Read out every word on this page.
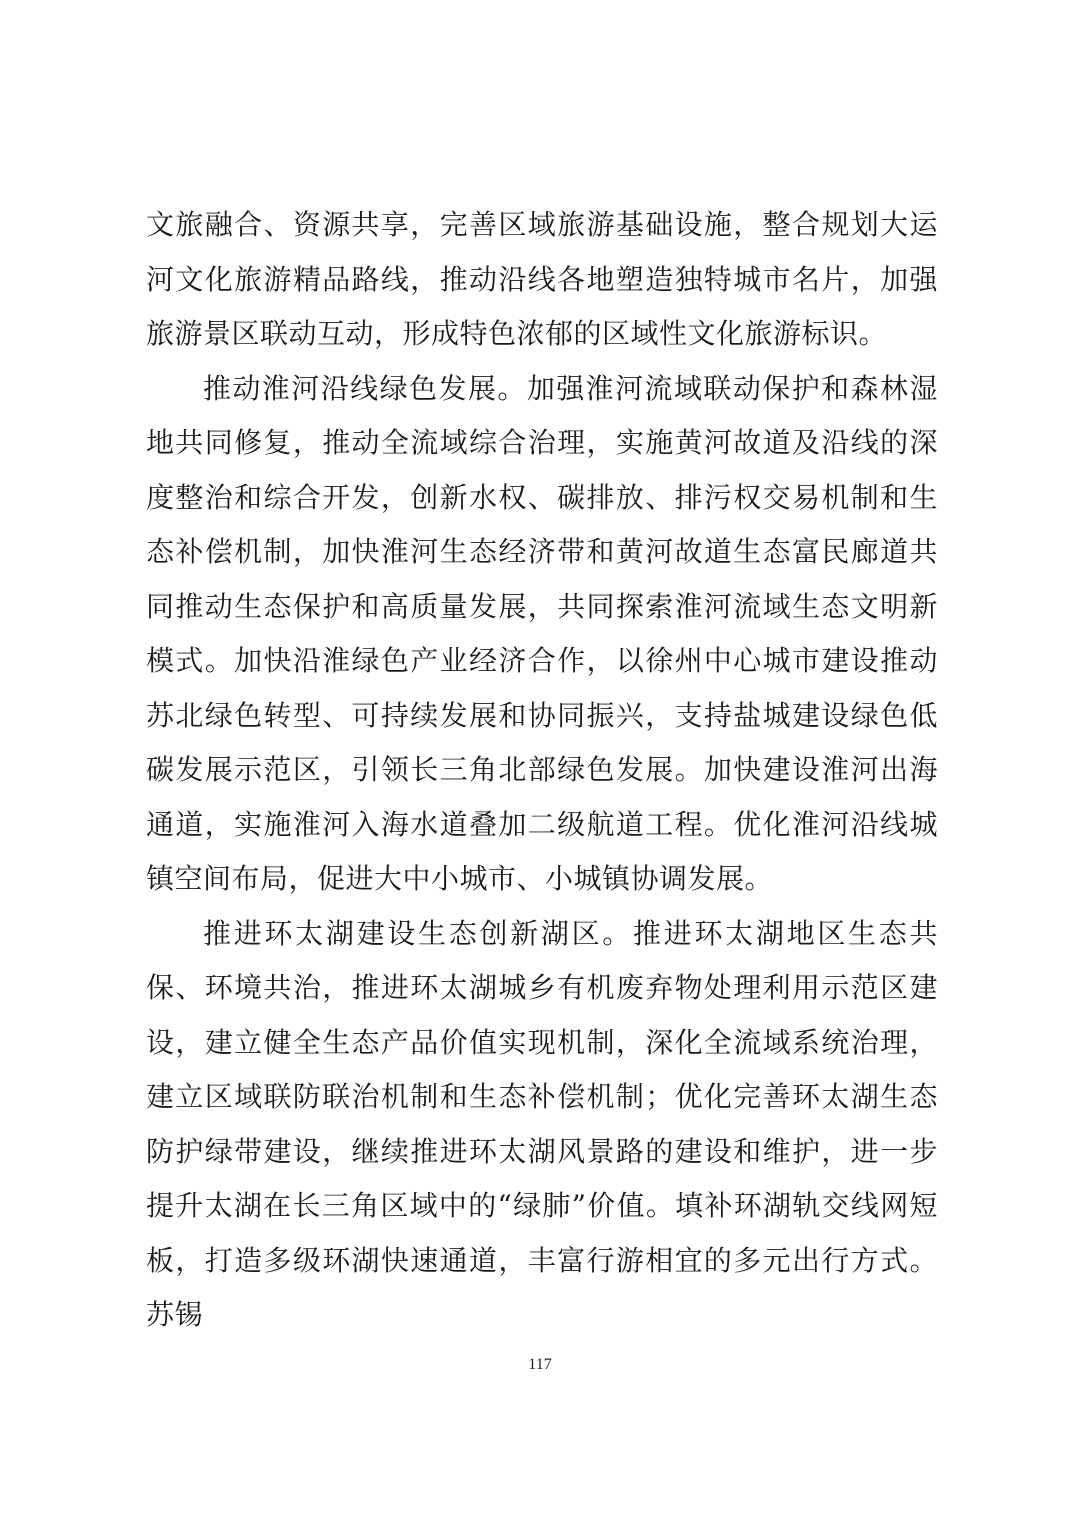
文旅融合、资源共享，完善区域旅游基础设施，整合规划大运河文化旅游精品路线，推动沿线各地塑造独特城市名片，加强旅游景区联动互动，形成特色浓郁的区域性文化旅游标识。

推动淮河沿线绿色发展。加强淮河流域联动保护和森林湿地共同修复，推动全流域综合治理，实施黄河故道及沿线的深度整治和综合开发，创新水权、碳排放、排污权交易机制和生态补偿机制，加快淮河生态经济带和黄河故道生态富民廊道共同推动生态保护和高质量发展，共同探索淮河流域生态文明新模式。加快沿淮绿色产业经济合作，以徐州中心城市建设推动苏北绿色转型、可持续发展和协同振兴，支持盐城建设绿色低碳发展示范区，引领长三角北部绿色发展。加快建设淮河出海通道，实施淮河入海水道叠加二级航道工程。优化淮河沿线城镇空间布局，促进大中小城市、小城镇协调发展。

推进环太湖建设生态创新湖区。推进环太湖地区生态共保、环境共治，推进环太湖城乡有机废弃物处理利用示范区建设，建立健全生态产品价值实现机制，深化全流域系统治理，建立区域联防联治机制和生态补偿机制；优化完善环太湖生态防护绿带建设，继续推进环太湖风景路的建设和维护，进一步提升太湖在长三角区域中的“绿肺”价值。填补环湖轨交线网短板，打造多级环湖快速通道，丰富行游相宜的多元出行方式。苏锡

117
